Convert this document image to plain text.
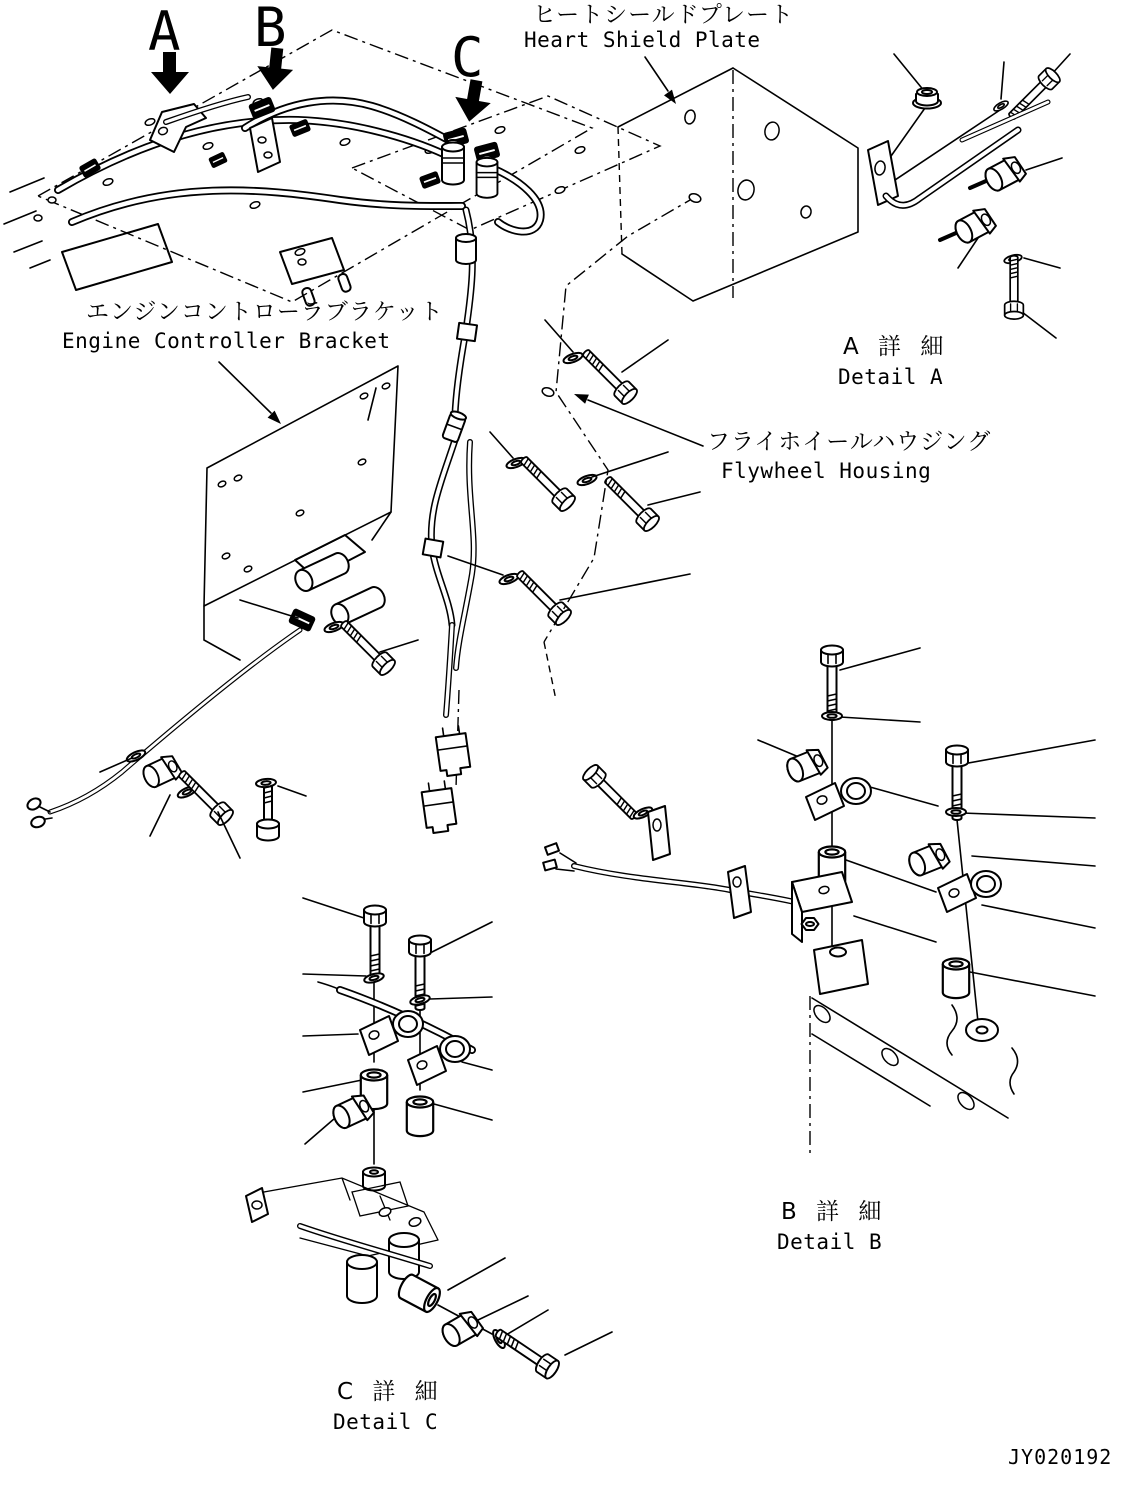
A B	C
ヒートシールドプレート
Heart Shield Plate
エンジンコントローラブラケット
Engine Controller Bracket
フライホイールハウジング
Flywheel Housing
A 詳 細
Detail A
B 詳 細
Detail B
C 詳 細
Detail C
JY020192
